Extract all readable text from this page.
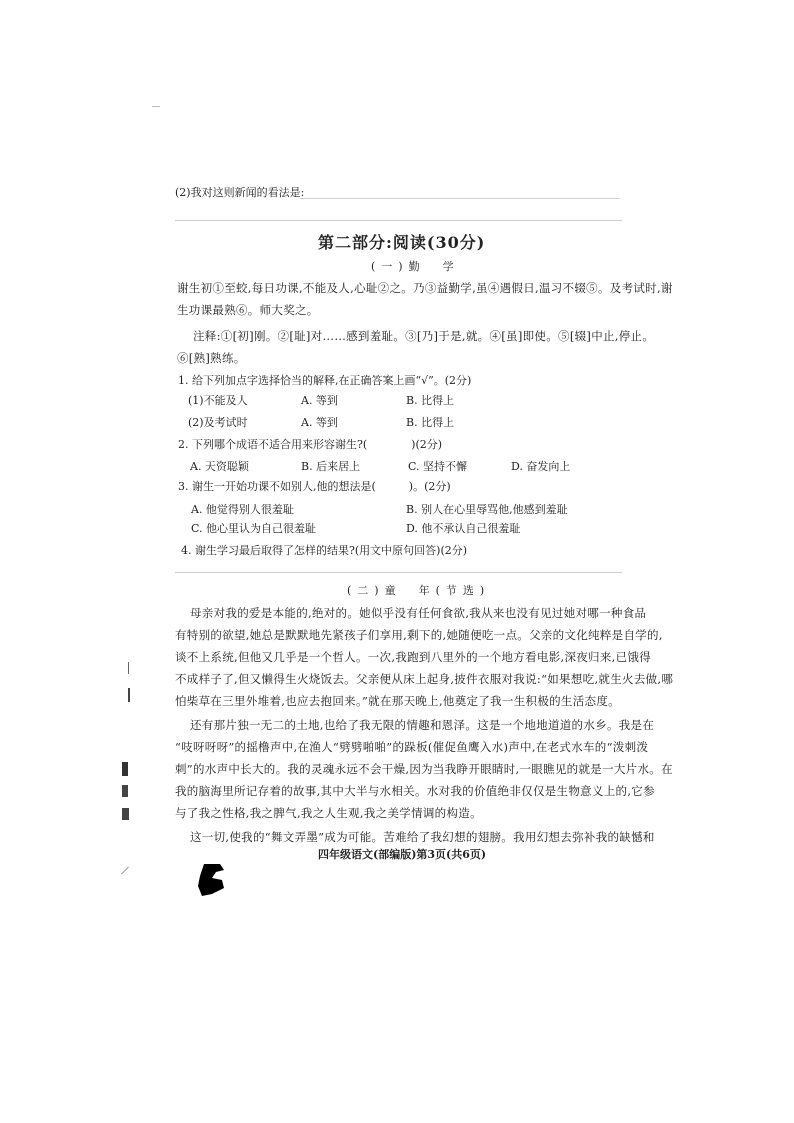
(2)我对这则新闻的看法是:
第二部分:阅读(30分)
(一)勤　学
谢生初①至蛟,每日功课,不能及人,心耻②之。乃③益勤学,虽④遇假日,温习不辍⑤。及考试时,谢
生功课最熟⑥。师大奖之。
注释:①[初]刚。②[耻]对……感到羞耻。③[乃]于是,就。④[虽]即使。⑤[辍]中止,停止。
⑥[熟]熟练。
1. 给下列加点字选择恰当的解释,在正确答案上画“√”。(2分)
(1)不能及人	A. 等到	B. 比得上
(2)及考试时	A. 等到	B. 比得上
2. 下列哪个成语不适合用来形容谢生?(　　　　)(2分)
A. 天资聪颖	B. 后来居上	C. 坚持不懈	D. 奋发向上
3. 谢生一开始功课不如别人,他的想法是(　　　)。(2分)
A. 他觉得别人很羞耻	B. 别人在心里辱骂他,他感到羞耻
C. 他心里认为自己很羞耻	D. 他不承认自己很羞耻
4. 谢生学习最后取得了怎样的结果?(用文中原句回答)(2分)
(二)童　年(节选)
母亲对我的爱是本能的,绝对的。她似乎没有任何食欲,我从来也没有见过她对哪一种食品
有特别的欲望,她总是默默地先紧孩子们享用,剩下的,她随便吃一点。父亲的文化纯粹是自学的,
谈不上系统,但他又几乎是一个哲人。一次,我跑到八里外的一个地方看电影,深夜归来,已饿得
不成样子了,但又懒得生火烧饭去。父亲便从床上起身,披件衣服对我说:“如果想吃,就生火去做,哪
怕柴草在三里外堆着,也应去抱回来。”就在那天晚上,他奠定了我一生积极的生活态度。
还有那片独一无二的土地,也给了我无限的情趣和恩泽。这是一个地地道道的水乡。我是在
“吱呀呀呀”的摇橹声中,在渔人“劈劈啪啪”的跺板(催促鱼鹰入水)声中,在老式水车的“泼刺泼
刺”的水声中长大的。我的灵魂永远不会干燥,因为当我睁开眼睛时,一眼瞧见的就是一大片水。在
我的脑海里所记存着的故事,其中大半与水相关。水对我的价值绝非仅仅是生物意义上的,它参
与了我之性格,我之脾气,我之人生观,我之美学情调的构造。
这一切,使我的“舞文弄墨”成为可能。苦难给了我幻想的翅膀。我用幻想去弥补我的缺憾和
四年级语文(部编版)第3页(共6页)
